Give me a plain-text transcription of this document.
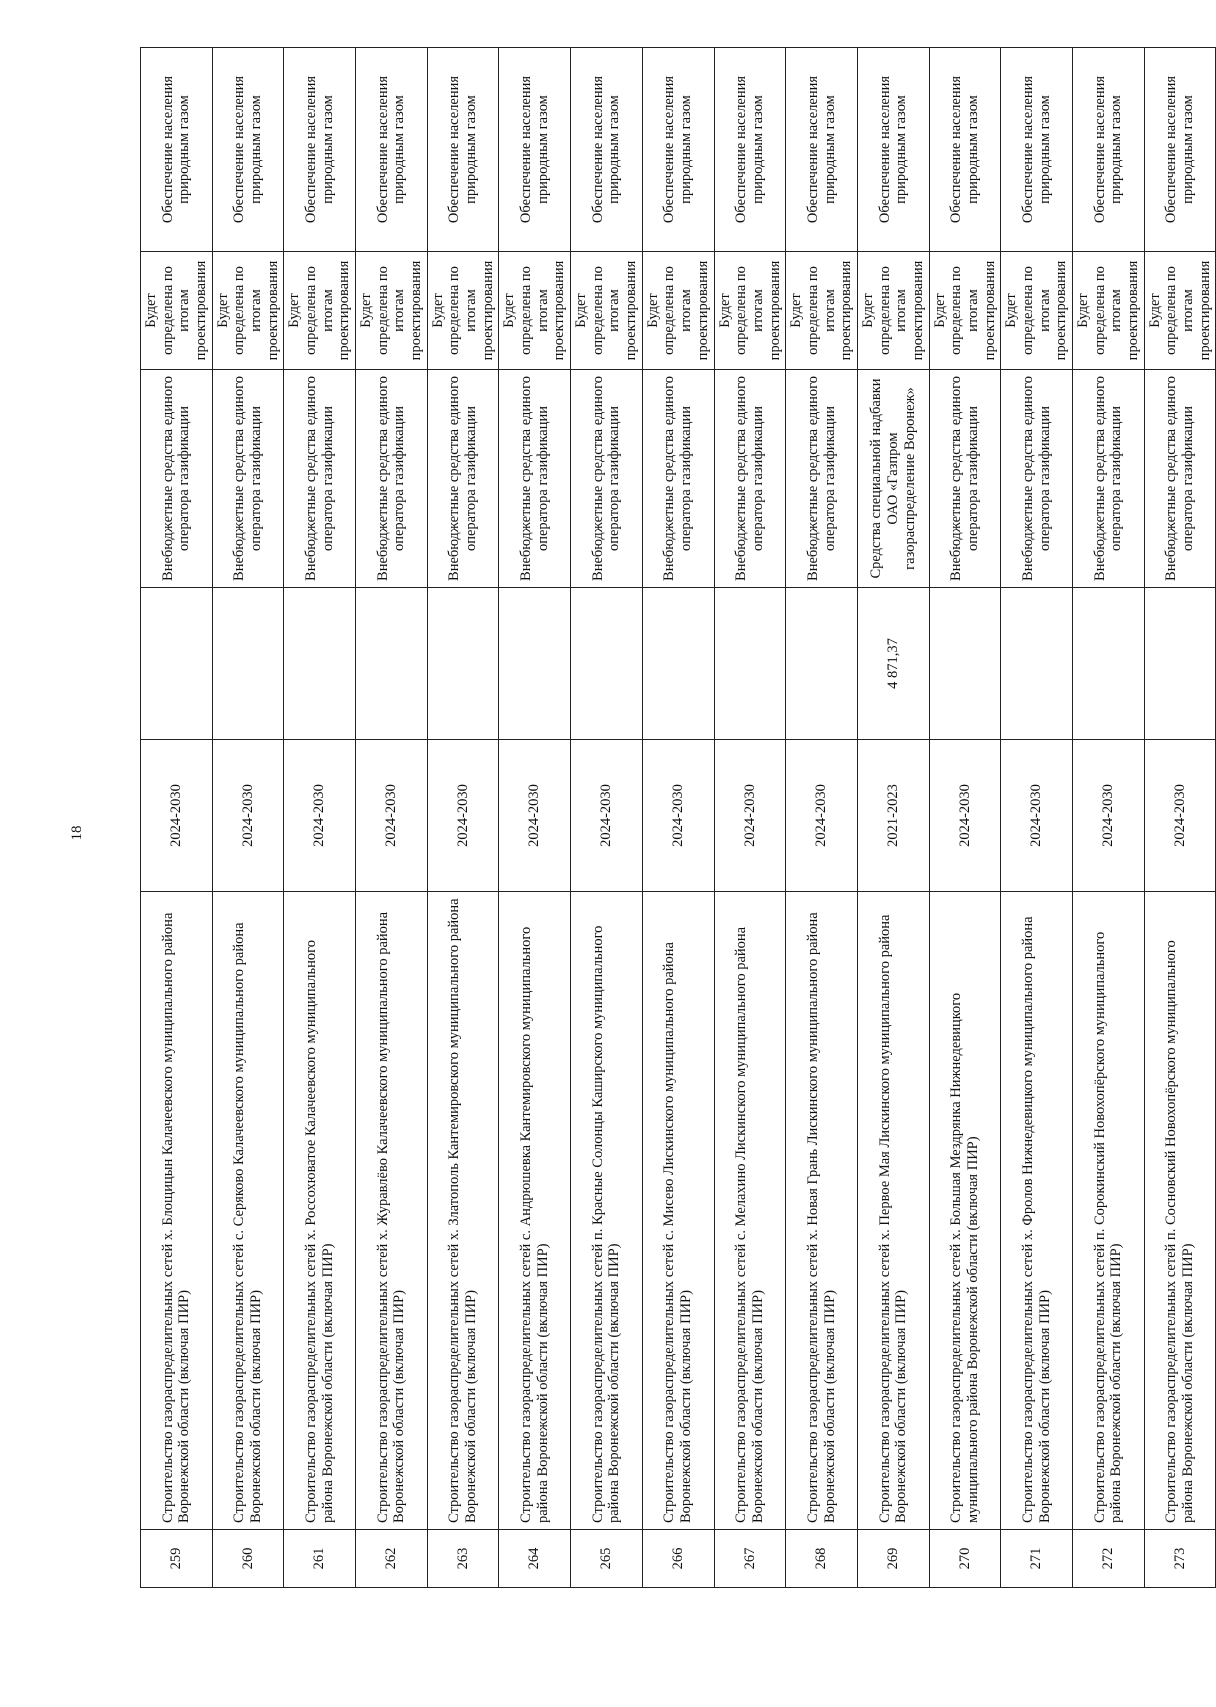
18
259	Строительство газораспределительных сетей х. Блощицын Калачеевского муниципального района Воронежской области (включая ПИР)	2024-2030		Внебюджетные средства единого оператора газификации	Будет определена по итогам проектирования	Обеспечение населения природным газом
260	Строительство газораспределительных сетей с. Серяково Калачеевского муниципального района Воронежской области (включая ПИР)	2024-2030		Внебюджетные средства единого оператора газификации	Будет определена по итогам проектирования	Обеспечение населения природным газом
261	Строительство газораспределительных сетей х. Россохюватое Калачеевского муниципального района Воронежской области (включая ПИР)	2024-2030		Внебюджетные средства единого оператора газификации	Будет определена по итогам проектирования	Обеспечение населения природным газом
262	Строительство газораспределительных сетей х. Журавлёво Калачеевского муниципального района Воронежской области (включая ПИР)	2024-2030		Внебюджетные средства единого оператора газификации	Будет определена по итогам проектирования	Обеспечение населения природным газом
263	Строительство газораспределительных сетей х. Златополь Кантемировского муниципального района Воронежской области (включая ПИР)	2024-2030		Внебюджетные средства единого оператора газификации	Будет определена по итогам проектирования	Обеспечение населения природным газом
264	Строительство газораспределительных сетей с. Андрюшевка Кантемировского муниципального района Воронежской области (включая ПИР)	2024-2030		Внебюджетные средства единого оператора газификации	Будет определена по итогам проектирования	Обеспечение населения природным газом
265	Строительство газораспределительных сетей п. Красные Солонцы Каширского муниципального района Воронежской области (включая ПИР)	2024-2030		Внебюджетные средства единого оператора газификации	Будет определена по итогам проектирования	Обеспечение населения природным газом
266	Строительство газораспределительных сетей с. Мисево Лискинского муниципального района Воронежской области (включая ПИР)	2024-2030		Внебюджетные средства единого оператора газификации	Будет определена по итогам проектирования	Обеспечение населения природным газом
267	Строительство газораспределительных сетей с. Мелахино Лискинского муниципального района Воронежской области (включая ПИР)	2024-2030		Внебюджетные средства единого оператора газификации	Будет определена по итогам проектирования	Обеспечение населения природным газом
268	Строительство газораспределительных сетей х. Новая Грань Лискинского муниципального района Воронежской области (включая ПИР)	2024-2030		Внебюджетные средства единого оператора газификации	Будет определена по итогам проектирования	Обеспечение населения природным газом
269	Строительство газораспределительных сетей х. Первое Мая Лискинского муниципального района Воронежской области (включая ПИР)	2021-2023	4 871,37	Средства специальной надбавки ОАО «Газпром газораспределение Воронеж»	Будет определена по итогам проектирования	Обеспечение населения природным газом
270	Строительство газораспределительных сетей х. Большая Мездрянка Нижнедевицкого муниципального района Воронежской области (включая ПИР)	2024-2030		Внебюджетные средства единого оператора газификации	Будет определена по итогам проектирования	Обеспечение населения природным газом
271	Строительство газораспределительных сетей х. Фролов Нижнедевицкого муниципального района Воронежской области (включая ПИР)	2024-2030		Внебюджетные средства единого оператора газификации	Будет определена по итогам проектирования	Обеспечение населения природным газом
272	Строительство газораспределительных сетей п. Сорокинский Новохопёрского муниципального района Воронежской области (включая ПИР)	2024-2030		Внебюджетные средства единого оператора газификации	Будет определена по итогам проектирования	Обеспечение населения природным газом
273	Строительство газораспределительных сетей п. Сосновский Новохопёрского муниципального района Воронежской области (включая ПИР)	2024-2030		Внебюджетные средства единого оператора газификации	Будет определена по итогам проектирования	Обеспечение населения природным газом
